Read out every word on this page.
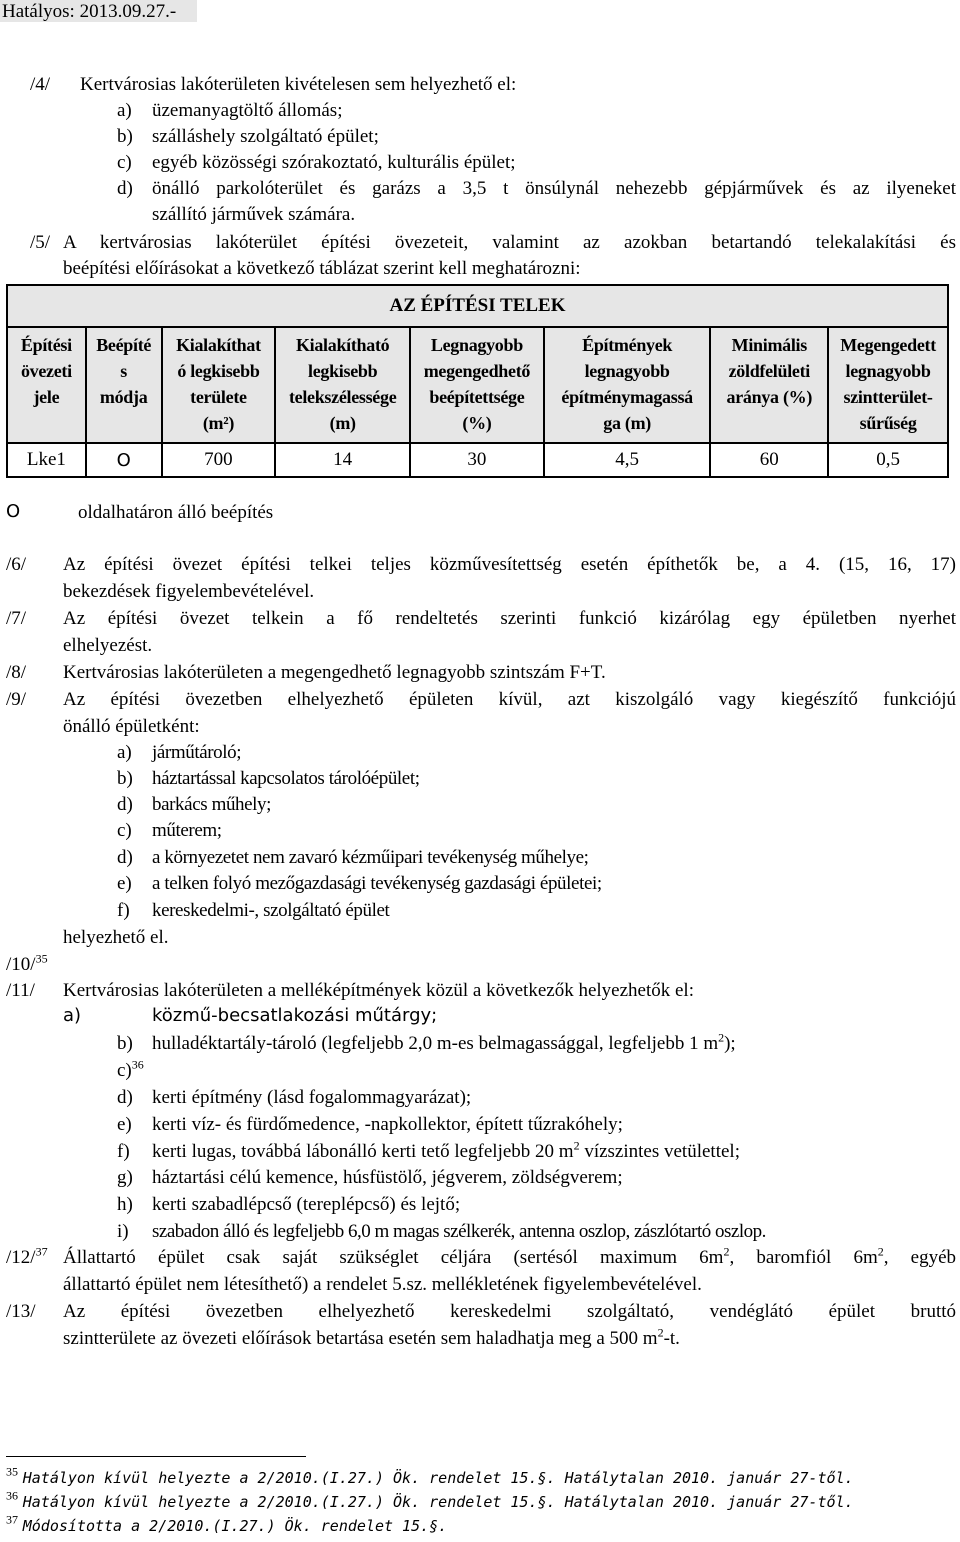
Hatályos: 2013.09.27.-
/4/ Kertvárosias lakóterületen kivételesen sem helyezhető el:
a) üzemanyagtöltő állomás;
b) szálláshely szolgáltató épület;
c) egyéb közösségi szórakoztató, kulturális épület;
d) önálló parkolóterület és garázs a 3,5 t önsúlynál nehezebb gépjárművek és az ilyeneket
szállító járművek számára.
/5/ A kertvárosias lakóterület építési övezeteit, valamint az azokban betartandó telekalakítási és
beépítési előírásokat a következő táblázat szerint kell meghatározni:
AZ ÉPÍTÉSI TELEK							
Építési
övezeti
jele	Beépíté
s
módja	Kialakíthat
ó legkisebb
területe
(m²)	Kialakítható
legkisebb
telekszélessége
(m)	Legnagyobb
megengedhető
beépítettsége
(%)	Építmények
legnagyobb
építménymagassá
ga (m)	Minimális
zöldfelületi
aránya (%)	Megengedett
legnagyobb
szintterület-
sűrűség
Lke1	O	700	14	30	4,5	60	0,5
O	oldalhatáron álló beépítés
/6/ Az építési övezet építési telkei teljes közművesítettség esetén építhetők be, a 4. (15, 16, 17)
bekezdések figyelembevételével.
/7/ Az építési övezet telkein a fő rendeltetés szerinti funkció kizárólag egy épületben nyerhet
elhelyezést.
/8/ Kertvárosias lakóterületen a megengedhető legnagyobb szintszám F+T.
/9/ Az építési övezetben elhelyezhető épületen kívül, azt kiszolgáló vagy kiegészítő funkciójú
önálló épületként:
a) járműtároló;
b) háztartással kapcsolatos tárolóépület;
d) barkács műhely;
c) műterem;
d) a környezetet nem zavaró kézműipari tevékenység műhelye;
e) a telken folyó mezőgazdasági tevékenység gazdasági épületei;
f) kereskedelmi-, szolgáltató épület
helyezhető el.
/10/$^{35}$
/11/ Kertvárosias lakóterületen a melléképítmények közül a következők helyezhetők el:
a)	közmű-becsatlakozási műtárgy;
b) hulladéktartály-tároló (legfeljebb 2,0 m-es belmagassággal, legfeljebb 1 $m^2$);
c)$^{36}$
d) kerti építmény (lásd fogalommagyarázat);
e) kerti víz- és fürdőmedence, -napkollektor, épített tűzrakóhely;
f) kerti lugas, továbbá lábonálló kerti tető legfeljebb 20 $m^2$ vízszintes vetülettel;
g) háztartási célú kemence, húsfüstölő, jégverem, zöldségverem;
h) kerti szabadlépcső (tereplépcső) és lejtő;
i) szabadon álló és legfeljebb 6,0 m magas szélkerék, antenna oszlop, zászlótartó oszlop.
/12/$^{37}$ Állattartó épület csak saját szükséglet céljára (sertésól maximum $6m^2$, baromfiól $6m^2$, egyéb
állattartó épület nem létesíthető) a rendelet 5.sz. mellékletének figyelembevételével.
/13/ Az építési övezetben elhelyezhető kereskedelmi szolgáltató, vendéglátó épület bruttó
szintterülete az övezeti előírások betartása esetén sem haladhatja meg a 500 $m^2-t$.
$^{35}$ Hatályon kívül helyezte a 2/2010.(I.27.) Ök. rendelet 15.§. Hatálytalan 2010. január 27-től.
$^{36}$ Hatályon kívül helyezte a 2/2010.(I.27.) Ök. rendelet 15.§. Hatálytalan 2010. január 27-től.
$^{37}$ Módosította a 2/2010.(I.27.) Ök. rendelet 15.§.
